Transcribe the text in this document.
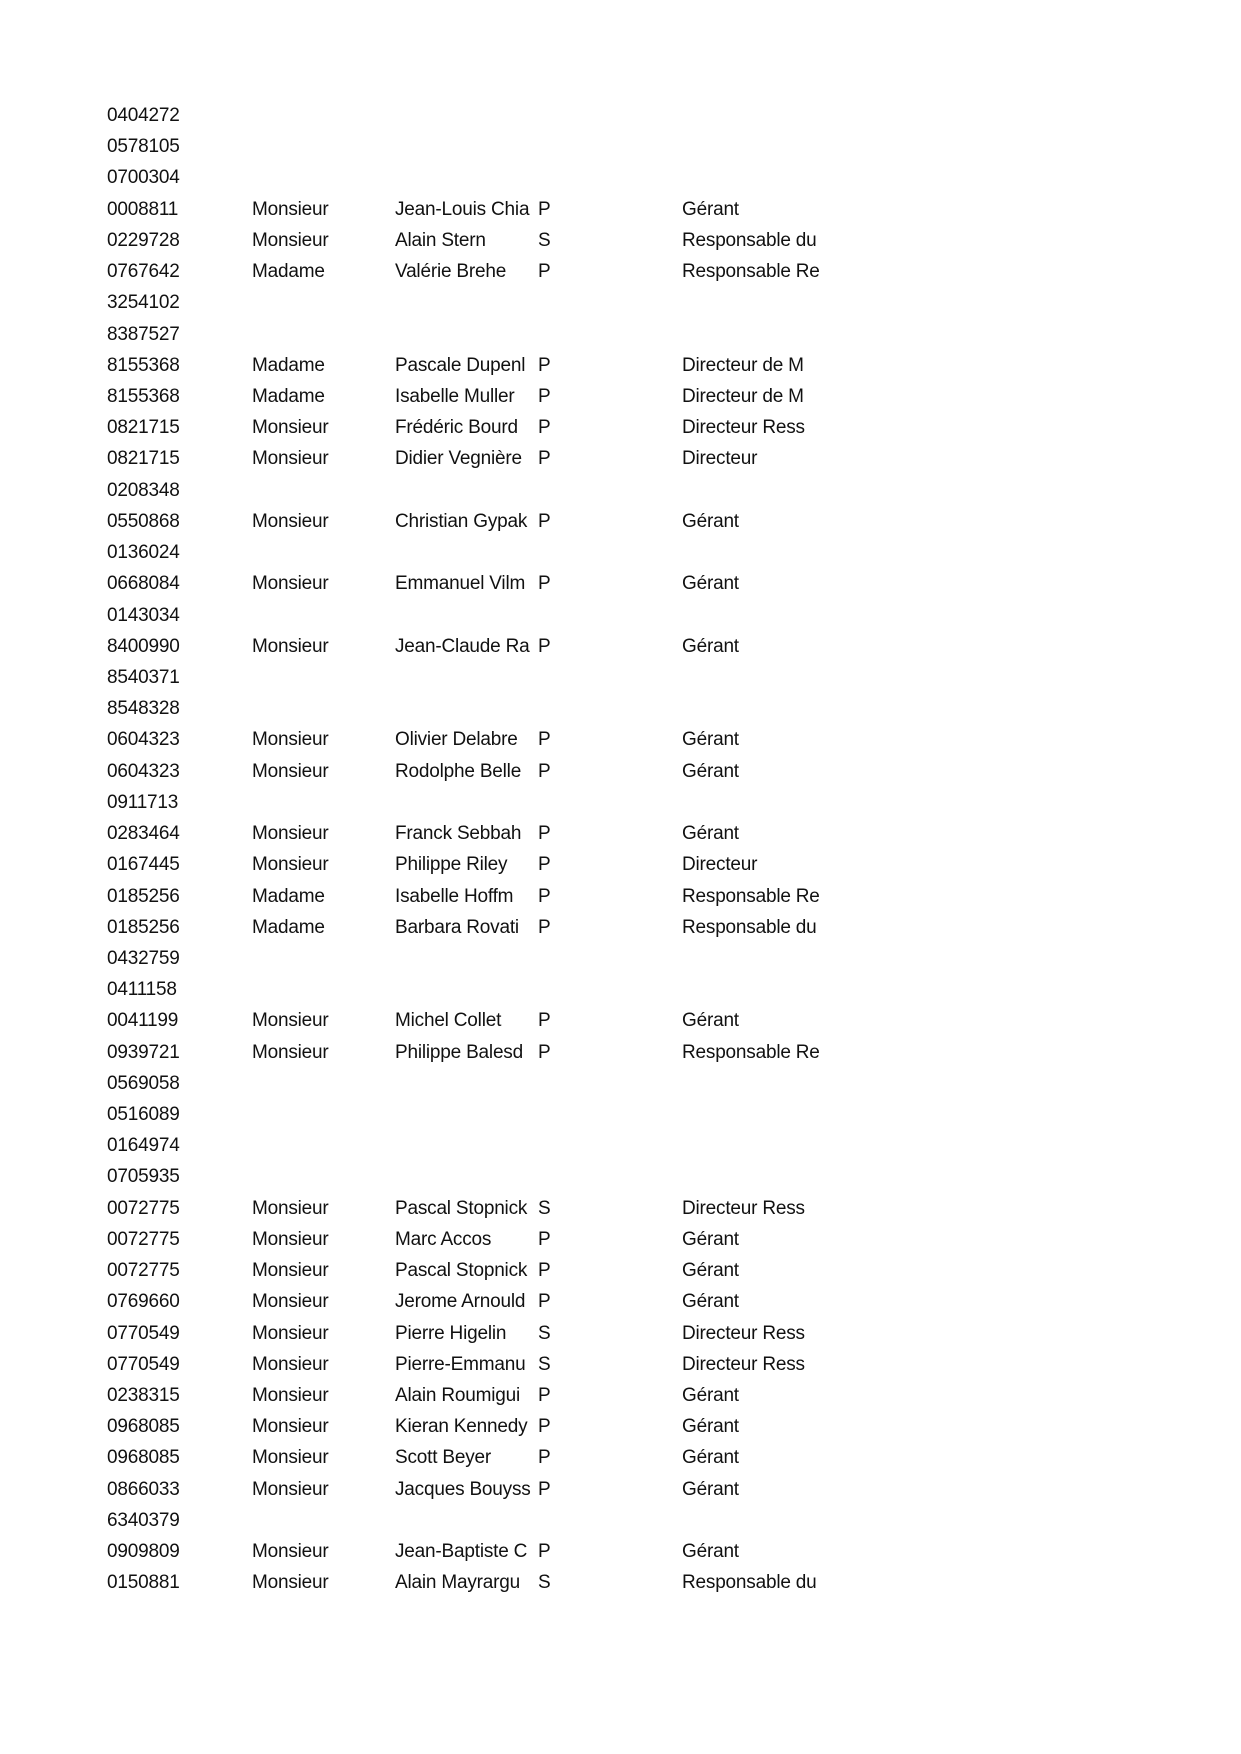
0404272
0578105
0700304
0008811	Monsieur	Jean-Louis Chia P	Gérant
0229728	Monsieur	Alain Stern	S	Responsable du
0767642	Madame	Valérie Brehe	P	Responsable Re
3254102
8387527
8155368	Madame	Pascale Dupenl P	Directeur de M
8155368	Madame	Isabelle Muller	P	Directeur de M
0821715	Monsieur	Frédéric Bourd	P	Directeur Ress
0821715	Monsieur	Didier Vegnière P	Directeur
0208348
0550868	Monsieur	Christian Gypak P	Gérant
0136024
0668084	Monsieur	Emmanuel Vilm P	Gérant
0143034
8400990	Monsieur	Jean-Claude Ra P	Gérant
8540371
8548328
0604323	Monsieur	Olivier Delabre	P	Gérant
0604323	Monsieur	Rodolphe Belle P	Gérant
0911713
0283464	Monsieur	Franck Sebbah P	Gérant
0167445	Monsieur	Philippe Riley	P	Directeur
0185256	Madame	Isabelle Hoffm	P	Responsable Re
0185256	Madame	Barbara Rovati	P	Responsable du
0432759
0411158
0041199	Monsieur	Michel Collet	P	Gérant
0939721	Monsieur	Philippe Balesd P	Responsable Re
0569058
0516089
0164974
0705935
0072775	Monsieur	Pascal Stopnick S	Directeur Ress
0072775	Monsieur	Marc Accos	P	Gérant
0072775	Monsieur	Pascal Stopnick P	Gérant
0769660	Monsieur	Jerome Arnould P	Gérant
0770549	Monsieur	Pierre Higelin	S	Directeur Ress
0770549	Monsieur	Pierre-Emmanu S	Directeur Ress
0238315	Monsieur	Alain Roumigui P	Gérant
0968085	Monsieur	Kieran Kennedy P	Gérant
0968085	Monsieur	Scott Beyer	P	Gérant
0866033	Monsieur	Jacques Bouyss P	Gérant
6340379
0909809	Monsieur	Jean-Baptiste C P	Gérant
0150881	Monsieur	Alain Mayrargu S	Responsable du
